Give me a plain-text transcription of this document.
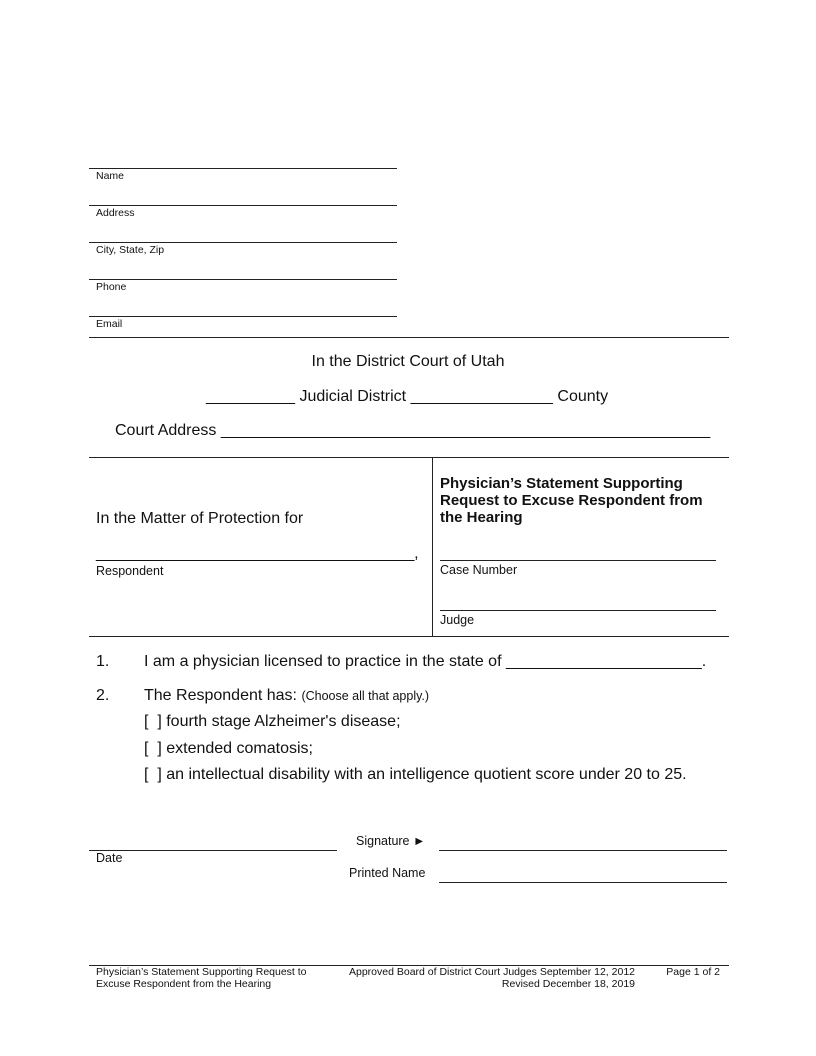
Name
Address
City, State, Zip
Phone
Email
In the District Court of Utah
__________ Judicial District ________________ County
Court Address _______________________________________________________
In the Matter of Protection for
_____________________________________,
Respondent
Physician’s Statement Supporting
Request to Excuse Respondent from
the Hearing
Case Number
Judge
1. I am a physician licensed to practice in the state of ______________________.
2. The Respondent has: (Choose all that apply.)
[  ] fourth stage Alzheimer's disease;
[  ] extended comatosis;
[  ] an intellectual disability with an intelligence quotient score under 20 to 25.
Date
Signature ►
Printed Name
Physician’s Statement Supporting Request to
Excuse Respondent from the Hearing
Approved Board of District Court Judges September 12, 2012
Revised December 18, 2019
Page 1 of 2
